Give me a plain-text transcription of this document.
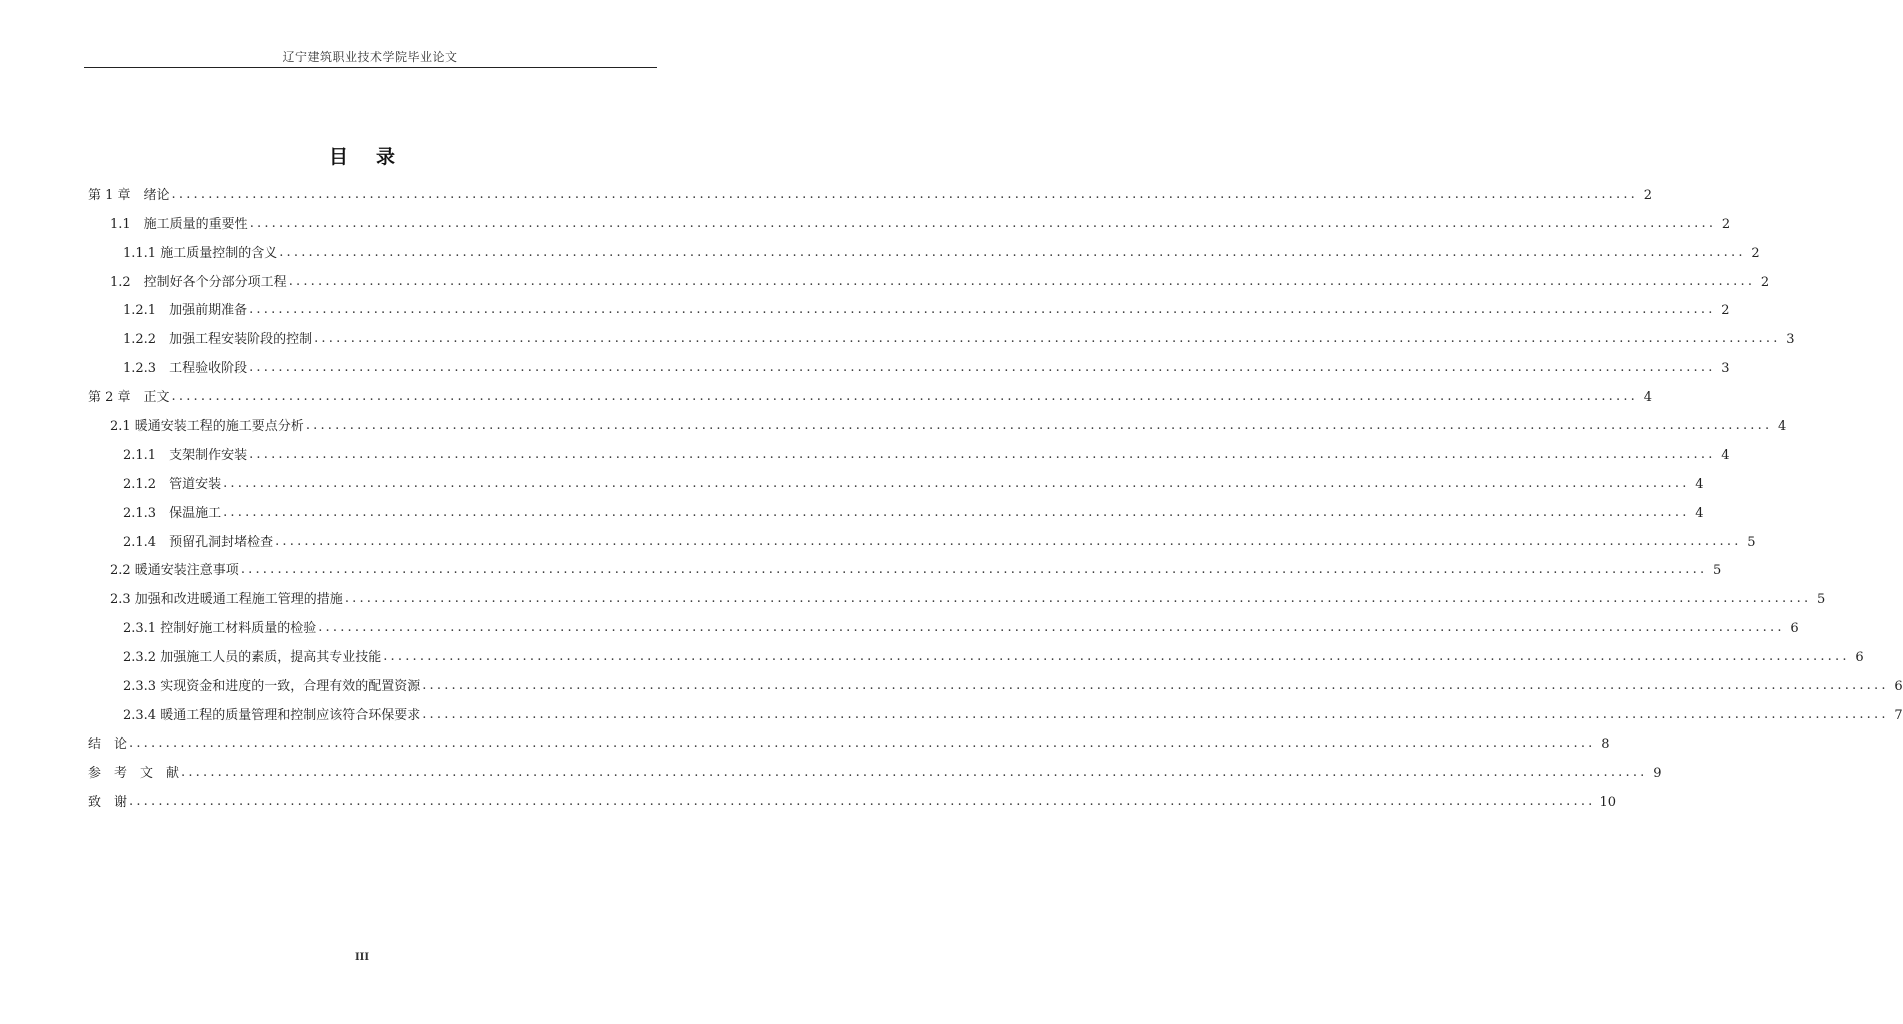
辽宁建筑职业技术学院毕业论文
目录
第 1 章　绪论 ........................................................................................................................................................................................................ 2
1.1　施工质量的重要性 ........................................................................................................................................................................................................ 2
1.1.1 施工质量控制的含义 ........................................................................................................................................................................................................ 2
1.2　控制好各个分部分项工程 ........................................................................................................................................................................................................ 2
1.2.1　加强前期准备 ........................................................................................................................................................................................................ 2
1.2.2　加强工程安装阶段的控制 ........................................................................................................................................................................................................ 3
1.2.3　工程验收阶段 ........................................................................................................................................................................................................ 3
第 2 章　正文 ........................................................................................................................................................................................................ 4
2.1 暖通安装工程的施工要点分析 ........................................................................................................................................................................................................ 4
2.1.1　支架制作安装 ........................................................................................................................................................................................................ 4
2.1.2　管道安装 ........................................................................................................................................................................................................ 4
2.1.3　保温施工 ........................................................................................................................................................................................................ 4
2.1.4　预留孔洞封堵检查 ........................................................................................................................................................................................................ 5
2.2 暖通安装注意事项 ........................................................................................................................................................................................................ 5
2.3 加强和改进暖通工程施工管理的措施 ........................................................................................................................................................................................................ 5
2.3.1 控制好施工材料质量的检验 ........................................................................................................................................................................................................ 6
2.3.2 加强施工人员的素质，提高其专业技能 ........................................................................................................................................................................................................ 6
2.3.3 实现资金和进度的一致，合理有效的配置资源 ........................................................................................................................................................................................................ 6
2.3.4 暖通工程的质量管理和控制应该符合环保要求 ........................................................................................................................................................................................................ 7
结　论 ........................................................................................................................................................................................................ 8
参　考　文　献 ........................................................................................................................................................................................................ 9
致　谢 ........................................................................................................................................................................................................ 10
III
